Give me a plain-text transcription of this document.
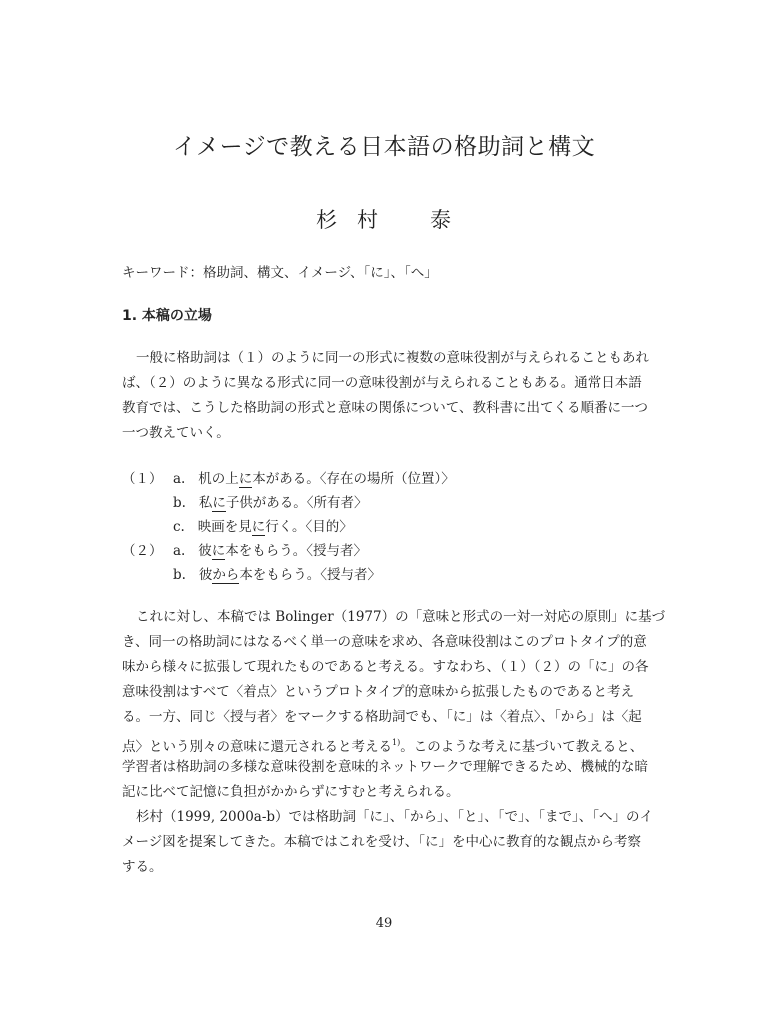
イメージで教える日本語の格助詞と構文
杉 村 泰
キーワード：格助詞、構文、イメージ、「に」、「へ」
1. 本稿の立場
一般に格助詞は（１）のように同一の形式に複数の意味役割が与えられることもあれ
ば、（２）のように異なる形式に同一の意味役割が与えられることもある。通常日本語
教育では、こうした格助詞の形式と意味の関係について、教科書に出てくる順番に一つ
一つ教えていく。
（１） a. 机の上に本がある。〈存在の場所（位置）〉
b. 私に子供がある。〈所有者〉
c. 映画を見に行く。〈目的〉
（２） a. 彼に本をもらう。〈授与者〉
b. 彼から本をもらう。〈授与者〉
これに対し、本稿では Bolinger（1977）の「意味と形式の一対一対応の原則」に基づ
き、同一の格助詞にはなるべく単一の意味を求め、各意味役割はこのプロトタイプ的意
味から様々に拡張して現れたものであると考える。すなわち、（１）（２）の「に」の各
意味役割はすべて〈着点〉というプロトタイプ的意味から拡張したものであると考え
る。一方、同じ〈授与者〉をマークする格助詞でも、「に」は〈着点〉、「から」は〈起
点〉という別々の意味に還元されると考える$^{1)}$。このような考えに基づいて教えると、
学習者は格助詞の多様な意味役割を意味的ネットワークで理解できるため、機械的な暗
記に比べて記憶に負担がかからずにすむと考えられる。
杉村（1999, 2000a-b）では格助詞「に」、「から」、「と」、「で」、「まで」、「へ」のイ
メージ図を提案してきた。本稿ではこれを受け、「に」を中心に教育的な観点から考察
する。
49
